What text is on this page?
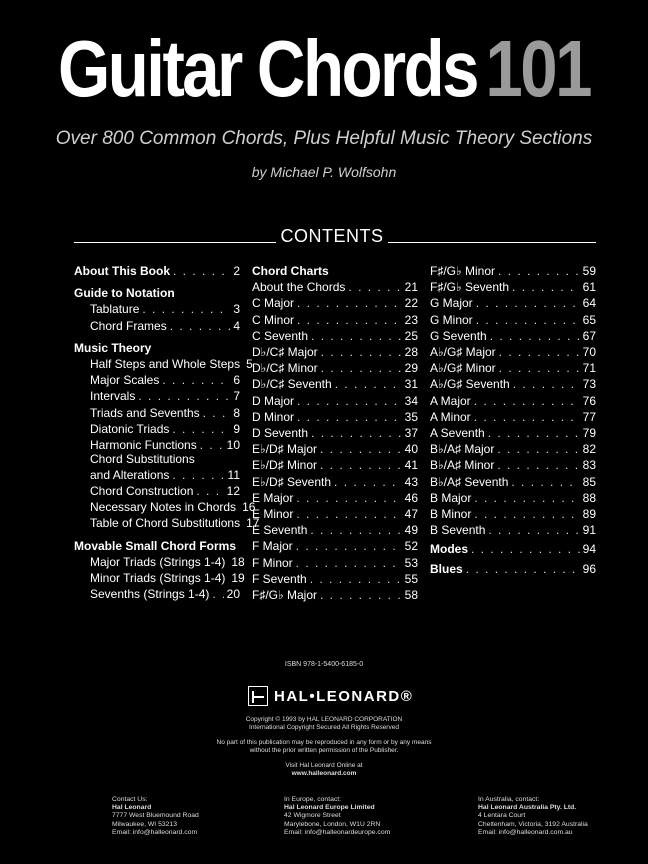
Guitar Chords 101
Over 800 Common Chords, Plus Helpful Music Theory Sections
by Michael P. Wolfsohn
CONTENTS
About This Book . . .	2
Guide to Notation
Tablature . . .	3
Chord Frames . . .	4
Music Theory
Half Steps and Whole Steps 5
Major Scales . . .	6
Intervals . . .	7
Triads and Sevenths . . .	8
Diatonic Triads . . .	9
Harmonic Functions . . . 10
Chord Substitutions
and Alterations . . .	11
Chord Construction . . .	12
Necessary Notes in Chords 16
Table of Chord Substitutions 17
Movable Small Chord Forms
Major Triads (Strings 1-4) 18
Minor Triads (Strings 1-4) 19
Sevenths (Strings 1-4) . . . 20
Chord Charts
About the Chords . . .	21
C Major . . .	22
C Minor . . .	23
C Seventh . . .	25
D♭/C♯ Major . . .	28
D♭/C♯ Minor . . .	29
D♭/C♯ Seventh . . .	31
D Major . . .	34
D Minor . . .	35
D Seventh . . .	37
E♭/D♯ Major . . .	40
E♭/D♯ Minor . . .	41
E♭/D♯ Seventh . . .	43
E Major . . .	46
E Minor . . .	47
E Seventh . . .	49
F Major . . .	52
F Minor . . .	53
F Seventh . . .	55
F♯/G♭ Major . . .	58
F♯/G♭ Minor . . .	59
F♯/G♭ Seventh . . .	61
G Major . . .	64
G Minor . . .	65
G Seventh . . .	67
A♭/G♯ Major . . .	70
A♭/G♯ Minor . . .	71
A♭/G♯ Seventh . . .	73
A Major . . .	76
A Minor . . .	77
A Seventh . . .	79
B♭/A♯ Major . . .	82
B♭/A♯ Minor . . .	83
B♭/A♯ Seventh . . .	85
B Major . . .	88
B Minor . . .	89
B Seventh . . .	91
Modes . . .	94
Blues . . .	96
ISBN 978-1-5400-6185-0
HAL•LEONARD®
Copyright © 1993 by HAL LEONARD CORPORATION
International Copyright Secured All Rights Reserved
No part of this publication may be reproduced in any form or by any means
without the prior written permission of the Publisher.
Visit Hal Leonard Online at
www.halleonard.com
Contact Us:
Hal Leonard
7777 West Bluemound Road
Milwaukee, WI 53213
Email: info@halleonard.com
In Europe, contact:
Hal Leonard Europe Limited
42 Wigmore Street
Marylebone, London, W1U 2RN
Email: info@halleonardeurope.com
In Australia, contact:
Hal Leonard Australia Pty. Ltd.
4 Lentara Court
Cheltenham, Victoria, 3192 Australia
Email: info@halleonard.com.au
